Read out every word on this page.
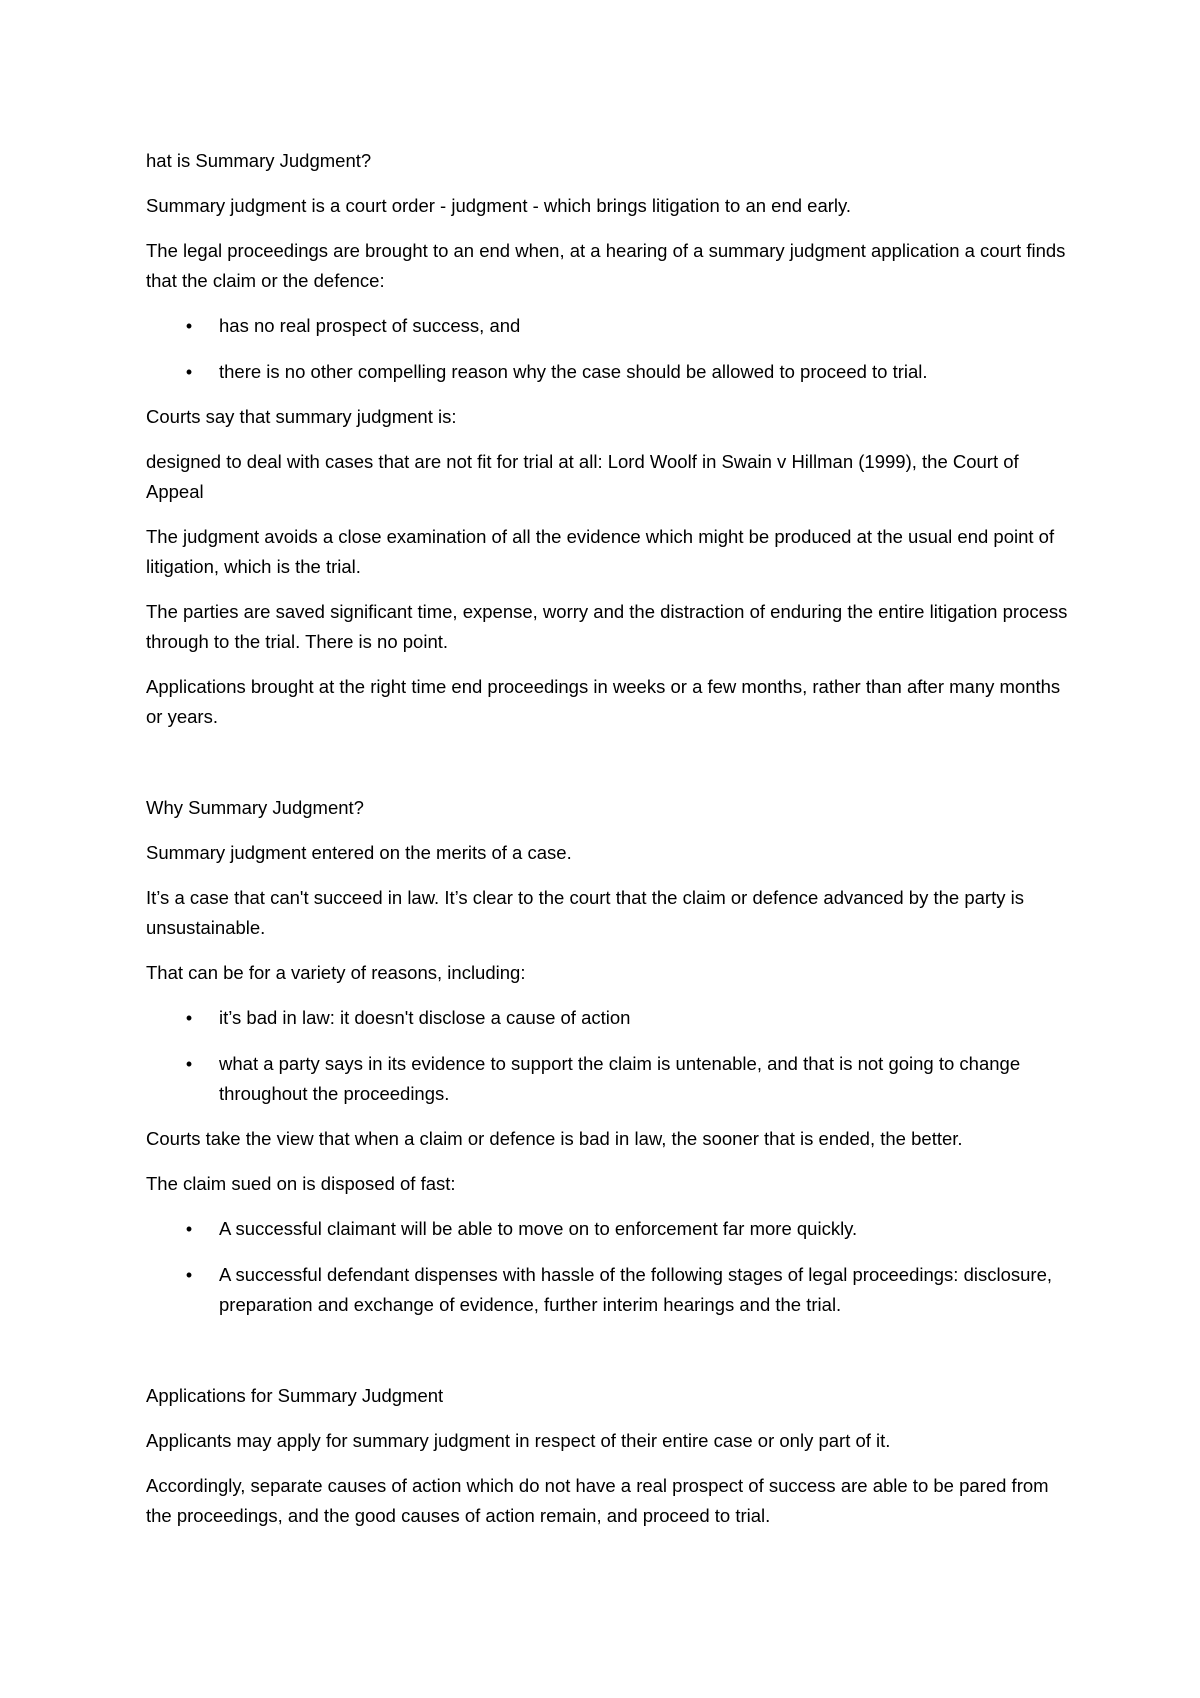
hat is Summary Judgment?

Summary judgment is a court order - judgment - which brings litigation to an end early.

The legal proceedings are brought to an end when, at a hearing of a summary judgment application a court finds that the claim or the defence:

•
has no real prospect of success, and
•
there is no other compelling reason why the case should be allowed to proceed to trial.

Courts say that summary judgment is:

designed to deal with cases that are not fit for trial at all: Lord Woolf in Swain v Hillman (1999), the Court of Appeal

The judgment avoids a close examination of all the evidence which might be produced at the usual end point of litigation, which is the trial.

The parties are saved significant time, expense, worry and the distraction of enduring the entire litigation process through to the trial. There is no point.

Applications brought at the right time end proceedings in weeks or a few months, rather than after many months or years.

Why Summary Judgment?

Summary judgment entered on the merits of a case.

It’s a case that can't succeed in law. It’s clear to the court that the claim or defence advanced by the party is unsustainable.

That can be for a variety of reasons, including:

•
it’s bad in law: it doesn't disclose a cause of action
•
what a party says in its evidence to support the claim is untenable, and that is not going to change throughout the proceedings.

Courts take the view that when a claim or defence is bad in law, the sooner that is ended, the better.

The claim sued on is disposed of fast:

•
A successful claimant will be able to move on to enforcement far more quickly.
•
A successful defendant dispenses with hassle of the following stages of legal proceedings: disclosure, preparation and exchange of evidence, further interim hearings and the trial.
Applications for Summary Judgment

Applicants may apply for summary judgment in respect of their entire case or only part of it.

Accordingly, separate causes of action which do not have a real prospect of success are able to be pared from the proceedings, and the good causes of action remain, and proceed to trial.
